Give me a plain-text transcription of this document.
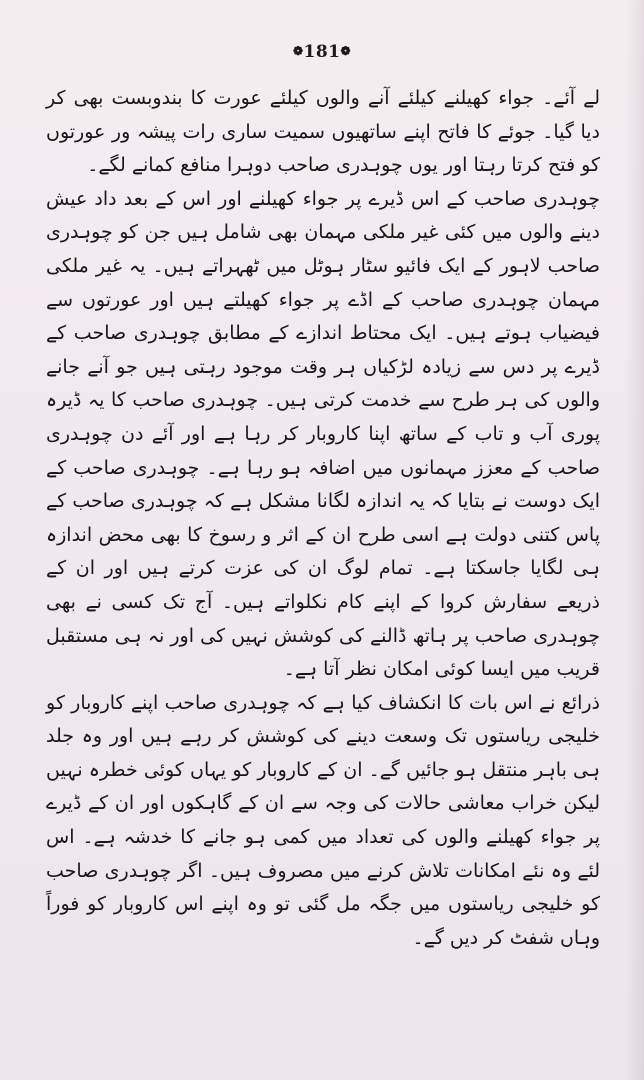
❁181❁

لے آئے۔ جواء کھیلنے کیلئے آنے والوں کیلئے عورت کا بندوبست بھی کر دیا گیا۔ جوئے کا فاتح اپنے ساتھیوں سمیت ساری رات پیشہ ور عورتوں کو فتح کرتا رہتا اور یوں چوہدری صاحب دوہرا منافع کمانے لگے۔

چوہدری صاحب کے اس ڈیرے پر جواء کھیلنے اور اس کے بعد داد عیش دینے والوں میں کئی غیر ملکی مہمان بھی شامل ہیں جن کو چوہدری صاحب لاہور کے ایک فائیو سٹار ہوٹل میں ٹھہراتے ہیں۔ یہ غیر ملکی مہمان چوہدری صاحب کے اڈے پر جواء کھیلتے ہیں اور عورتوں سے فیضیاب ہوتے ہیں۔ ایک محتاط اندازے کے مطابق چوہدری صاحب کے ڈیرے پر دس سے زیادہ لڑکیاں ہر وقت موجود رہتی ہیں جو آنے جانے والوں کی ہر طرح سے خدمت کرتی ہیں۔ چوہدری صاحب کا یہ ڈیرہ پوری آب و تاب کے ساتھ اپنا کاروبار کر رہا ہے اور آئے دن چوہدری صاحب کے معزز مہمانوں میں اضافہ ہو رہا ہے۔ چوہدری صاحب کے ایک دوست نے بتایا کہ یہ اندازہ لگانا مشکل ہے کہ چوہدری صاحب کے پاس کتنی دولت ہے اسی طرح ان کے اثر و رسوخ کا بھی محض اندازہ ہی لگایا جاسکتا ہے۔ تمام لوگ ان کی عزت کرتے ہیں اور ان کے ذریعے سفارش کروا کے اپنے کام نکلواتے ہیں۔ آج تک کسی نے بھی چوہدری صاحب پر ہاتھ ڈالنے کی کوشش نہیں کی اور نہ ہی مستقبل قریب میں ایسا کوئی امکان نظر آتا ہے۔

ذرائع نے اس بات کا انکشاف کیا ہے کہ چوہدری صاحب اپنے کاروبار کو خلیجی ریاستوں تک وسعت دینے کی کوشش کر رہے ہیں اور وہ جلد ہی باہر منتقل ہو جائیں گے۔ ان کے کاروبار کو یہاں کوئی خطرہ نہیں لیکن خراب معاشی حالات کی وجہ سے ان کے گاہکوں اور ان کے ڈیرے پر جواء کھیلنے والوں کی تعداد میں کمی ہو جانے کا خدشہ ہے۔ اس لئے وہ نئے امکانات تلاش کرنے میں مصروف ہیں۔ اگر چوہدری صاحب کو خلیجی ریاستوں میں جگہ مل گئی تو وہ اپنے اس کاروبار کو فوراً وہاں شفٹ کر دیں گے۔
